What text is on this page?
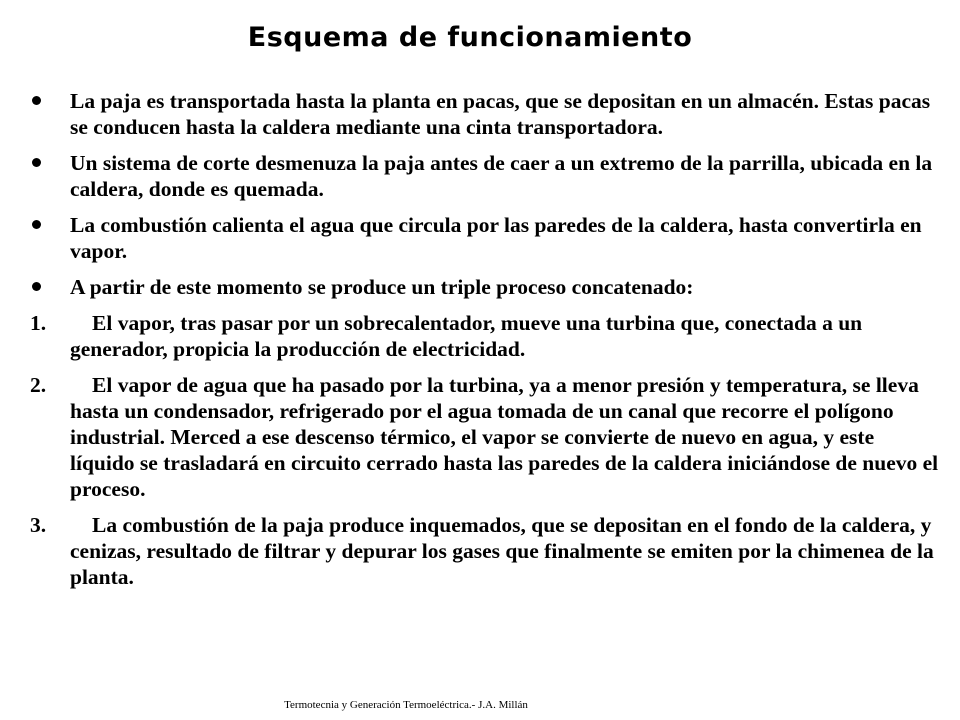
Esquema de funcionamiento
La paja es transportada hasta la planta en pacas, que se depositan en un almacén. Estas pacas se conducen hasta la caldera mediante una cinta transportadora.
Un sistema de corte desmenuza la paja antes de caer a un extremo de la parrilla, ubicada en la caldera, donde es quemada.
La combustión calienta el agua que circula por las paredes de la caldera, hasta convertirla en vapor.
A partir de este momento se produce un triple proceso concatenado:
1.	El vapor, tras pasar por un sobrecalentador, mueve una turbina que, conectada a un generador, propicia la producción de electricidad.
2.	El vapor de agua que ha pasado por la turbina, ya a menor presión y temperatura, se lleva hasta un condensador, refrigerado por el agua tomada de un canal que recorre el polígono industrial. Merced a ese descenso térmico, el vapor se convierte de nuevo en agua, y este líquido se trasladará en circuito cerrado hasta las paredes de la caldera iniciándose de nuevo el proceso.
3.	La combustión de la paja produce inquemados, que se depositan en el fondo de la caldera, y cenizas, resultado de filtrar y depurar los gases que finalmente se emiten por la chimenea de la planta.
Termotecnia y Generación Termoeléctrica.- J.A. Millán
